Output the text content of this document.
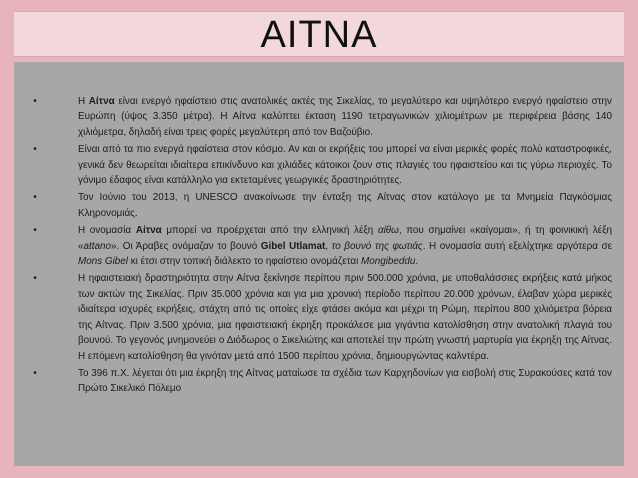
ΑΙΤΝΑ
•	Η Αίτνα είναι ενεργό ηφαίστειο στις ανατολικές ακτές της Σικελίας, το μεγαλύτερο και υψηλότερο ενεργό ηφαίστειο στην Ευρώπη (ύψος 3.350 μέτρα). Η Αίτνα καλύπτει έκταση 1190 τετραγωνικών χιλιομέτρων με περιφέρεια βάσης 140 χιλιόμετρα, δηλαδή είναι τρεις φορές μεγαλύτερη από τον Βαζούβιο.
•	Είναι από τα πιο ενεργά ηφαίστεια στον κόσμο. Αν και οι εκρήξεις του μπορεί να είναι μερικές φορές πολύ καταστροφικές, γενικά δεν θεωρείται ιδιαίτερα επικίνδυνο και χιλιάδες κάτοικοι ζουν στις πλαγιές του ηφαιστείου και τις γύρω περιοχές. Το γόνιμο έδαφος είναι κατάλληλο για εκτεταμένες γεωργικές δραστηριότητες.
•	Τον Ιούνιο του 2013, η UNESCO ανακοίνωσε την ένταξη της Αίτνας στον κατάλογο με τα Μνημεία Παγκόσμιας Κληρονομιάς.
•	Η ονομασία Αίτνα μπορεί να προέρχεται από την ελληνική λέξη αίθω, που σημαίνει «καίγομαι», ή τη φοινικική λέξη «attano». Οι Άραβες ονόμαζαν το βουνό Gibel Utlamat, το βουνό της φωτιάς. Η ονομασία αυτή εξελίχτηκε αργότερα σε Mons Gibel κι έτσι στην τοπική διάλεκτο το ηφαίστειο ονομάζεται Mongibeddu.
•	Η ηφαιστειακή δραστηριότητα στην Αίτνα ξεκίνησε περίπου πριν 500.000 χρόνια, με υποθαλάσσιες εκρήξεις κατά μήκος των ακτών της Σικελίας. Πριν 35.000 χρόνια και για μια χρονική περίοδο περίπου 20.000 χρόνων, έλαβαν χώρα μερικές ιδιαίτερα ισχυρές εκρήξεις, στάχτη από τις οποίες είχε φτάσει ακόμα και μέχρι τη Ρώμη, περίπου 800 χιλιόμετρα βόρεια της Αίτνας. Πριν 3.500 χρόνια, μια ηφαιστειακή έκρηξη προκάλεσε μια γιγάντια κατολίσθηση στην ανατολική πλαγιά του βουνού. Το γεγονός μνημονεύει ο Διόδωρος ο Σικελιώτης και αποτελεί την πρώτη γνωστή μαρτυρία για έκρηξη της Αίτνας. Η επόμενη κατολίσθηση θα γινόταν μετά από 1500 περίπου χρόνια, δημιουργώντας καλντέρα.
•	Το 396 π.Χ. λέγεται ότι μια έκρηξη της Αίτνας ματαίωσε τα σχέδια των Καρχηδονίων για εισβολή στις Συρακούσες κατά τον Πρώτο Σικελικό Πόλεμο
